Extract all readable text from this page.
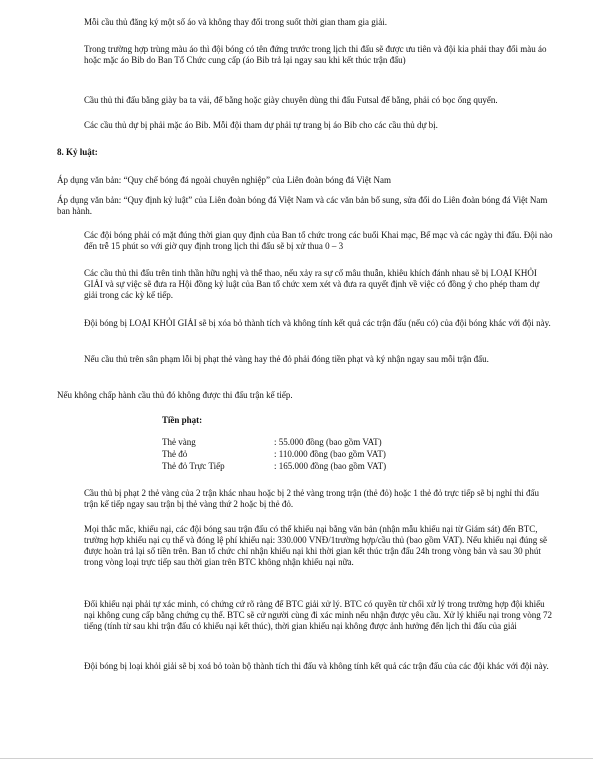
Mỗi cầu thủ đăng ký một số áo và không thay đổi trong suốt thời gian tham gia giải.

Trong trường hợp trùng màu áo thì đội bóng có tên đứng trước trong lịch thi đấu sẽ được ưu tiên và đội kia phải thay đổi màu áo hoặc mặc áo Bib do Ban Tổ Chức cung cấp (áo Bib trả lại ngay sau khi kết thúc trận đấu)

Cầu thủ thi đấu bằng giày ba ta vải, để bằng hoặc giày chuyên dùng thi đấu Futsal để bằng, phải có bọc ống quyển.

Các cầu thủ dự bị phải mặc áo Bib. Mỗi đội tham dự phải tự trang bị áo Bib cho các cầu thủ dự bị.

8. Kỷ luật:

Áp dụng văn bản: “Quy chế bóng đá ngoài chuyên nghiệp” của Liên đoàn bóng đá Việt Nam

Áp dụng văn bản: “Quy định kỷ luật” của Liên đoàn bóng đá Việt Nam và các văn bản bổ sung, sửa đổi do Liên đoàn bóng đá Việt Nam ban hành.

Các đội bóng phải có mặt đúng thời gian quy định của Ban tổ chức trong các buổi Khai mạc, Bế mạc và các ngày thi đấu. Đội nào đến trễ 15 phút so với giờ quy định trong lịch thi đấu sẽ bị xử thua 0 – 3

Các cầu thủ thi đấu trên tinh thần hữu nghị và thể thao, nếu xảy ra sự cố mâu thuẫn, khiêu khích đánh nhau sẽ bị LOẠI KHỎI GIẢI và sự việc sẽ đưa ra Hội đồng kỷ luật của Ban tổ chức xem xét và đưa ra quyết định về việc có đồng ý cho phép tham dự giải trong các kỳ kế tiếp.

Đội bóng bị LOẠI KHỎI GIẢI sẽ bị xóa bỏ thành tích và không tính kết quả các trận đấu (nếu có) của đội bóng khác với đội này.

Nếu cầu thủ trên sân phạm lỗi bị phạt thẻ vàng hay thẻ đỏ phải đóng tiền phạt và ký nhận ngay sau mỗi trận đấu.

Nếu không chấp hành cầu thủ đó không được thi đấu trận kế tiếp.

Tiền phạt:
Thẻ vàng	: 55.000 đồng (bao gồm VAT)
Thẻ đỏ	: 110.000 đồng (bao gồm VAT)
Thẻ đỏ Trực Tiếp	: 165.000 đồng (bao gồm VAT)

Cầu thủ bị phạt 2 thẻ vàng của 2 trận khác nhau hoặc bị 2 thẻ vàng trong trận (thẻ đỏ) hoặc 1 thẻ đỏ trực tiếp sẽ bị nghỉ thi đấu trận kế tiếp ngay sau trận bị thẻ vàng thứ 2 hoặc bị thẻ đỏ.

Mọi thắc mắc, khiếu nại, các đội bóng sau trận đấu có thể khiếu nại bằng văn bản (nhận mẫu khiếu nại từ Giám sát) đến BTC, trường hợp khiếu nại cụ thể và đóng lệ phí khiếu nại: 330.000 VNĐ/1trường hợp/cầu thủ (bao gồm VAT). Nếu khiếu nại đúng sẽ được hoàn trả lại số tiền trên. Ban tổ chức chỉ nhận khiếu nại khi thời gian kết thúc trận đấu 24h trong vòng bản và sau 30 phút trong vòng loại trực tiếp sau thời gian trên BTC không nhận khiếu nại nữa.

Đối khiếu nại phải tự xác minh, có chứng cứ rõ ràng để BTC giải xử lý. BTC có quyền từ chối xử lý trong trường hợp đội khiếu nại không cung cấp bằng chứng cụ thể. BTC sẽ cử người cùng đi xác minh nếu nhận được yêu cầu. Xử lý khiếu nại trong vòng 72 tiếng (tính từ sau khi trận đấu có khiếu nại kết thúc), thời gian khiếu nại không được ảnh hưởng đến lịch thi đấu của giải

Đội bóng bị loại khỏi giải sẽ bị xoá bỏ toàn bộ thành tích thi đấu và không tính kết quả các trận đấu của các đội khác với đội này.
